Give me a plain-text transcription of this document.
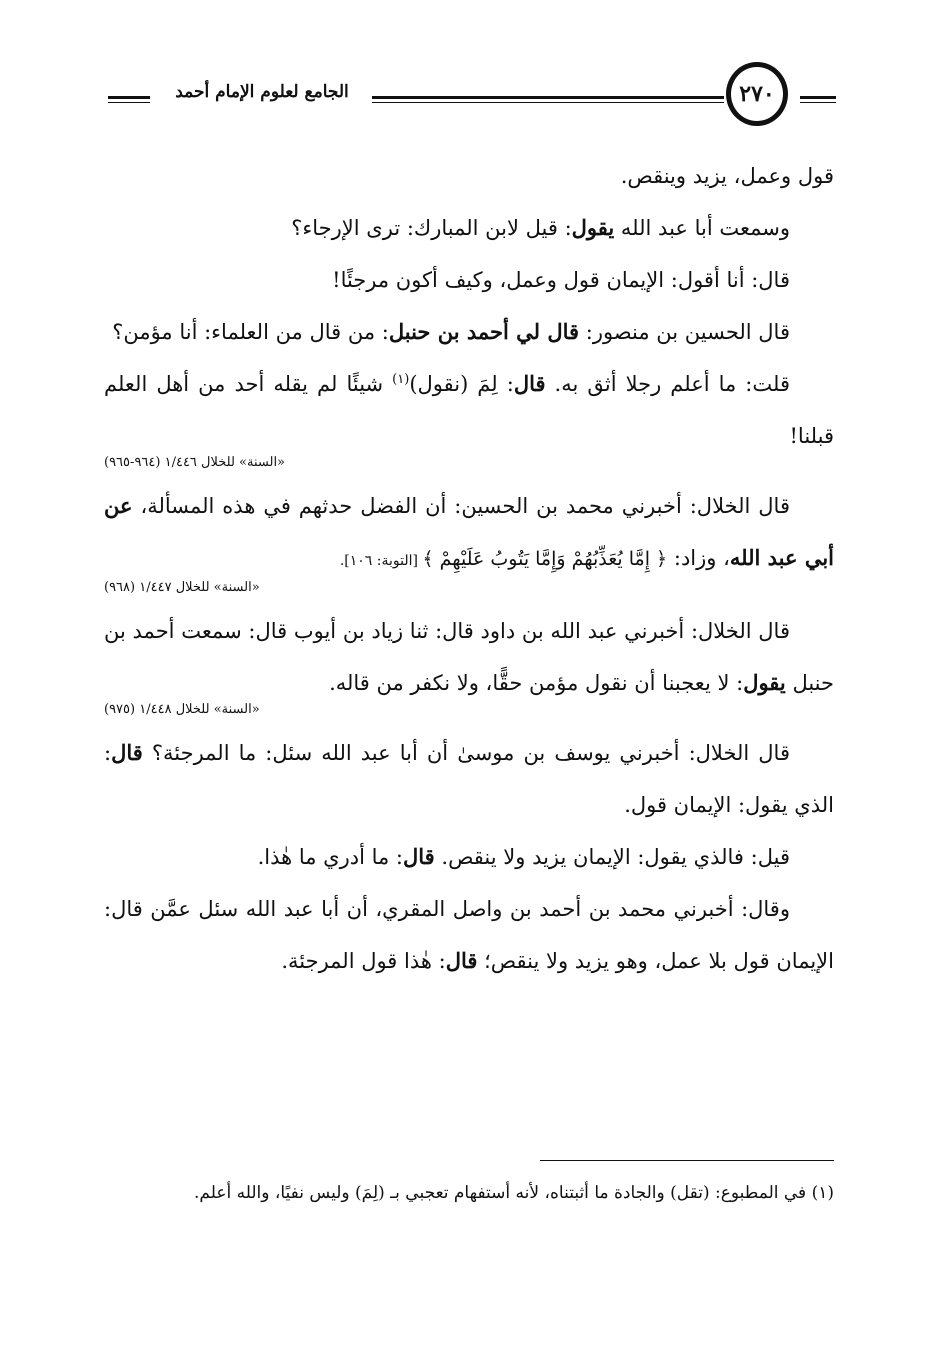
الجامع لعلوم الإمام أحمد	٢٧٠

قول وعمل، يزيد وينقص.

وسمعت أبا عبد الله يقول: قيل لابن المبارك: ترى الإرجاء؟

قال: أنا أقول: الإيمان قول وعمل، وكيف أكون مرجئًا!

قال الحسين بن منصور: قال لي أحمد بن حنبل: من قال من العلماء: أنا مؤمن؟

قلت: ما أعلم رجلا أثق به. قال: لِمَ (نقول)$^{(١)}$ شيئًا لم يقله أحد من أهل العلم قبلنا!

«السنة» للخلال ١/٤٤٦ (٩٦٤-٩٦٥)

قال الخلال: أخبرني محمد بن الحسين: أن الفضل حدثهم في هذه المسألة، عن أبي عبد الله، وزاد: ﴿ إِمَّا يُعَذِّبُهُمْ وَإِمَّا يَتُوبُ عَلَيْهِمْ ﴾ [التوبة: ١٠٦].

«السنة» للخلال ١/٤٤٧ (٩٦٨)

قال الخلال: أخبرني عبد الله بن داود قال: ثنا زياد بن أيوب قال: سمعت أحمد بن حنبل يقول: لا يعجبنا أن نقول مؤمن حقًّا، ولا نكفر من قاله.

«السنة» للخلال ١/٤٤٨ (٩٧٥)

قال الخلال: أخبرني يوسف بن موسىٰ أن أبا عبد الله سئل: ما المرجئة؟ قال: الذي يقول: الإيمان قول.

قيل: فالذي يقول: الإيمان يزيد ولا ينقص. قال: ما أدري ما هٰذا.

وقال: أخبرني محمد بن أحمد بن واصل المقري، أن أبا عبد الله سئل عمَّن قال: الإيمان قول بلا عمل، وهو يزيد ولا ينقص؛ قال: هٰذا قول المرجئة.

(١) في المطبوع: (تقل) والجادة ما أثبتناه، لأنه أستفهام تعجبي بـ (لِمَ) وليس نفيًا، والله أعلم.
